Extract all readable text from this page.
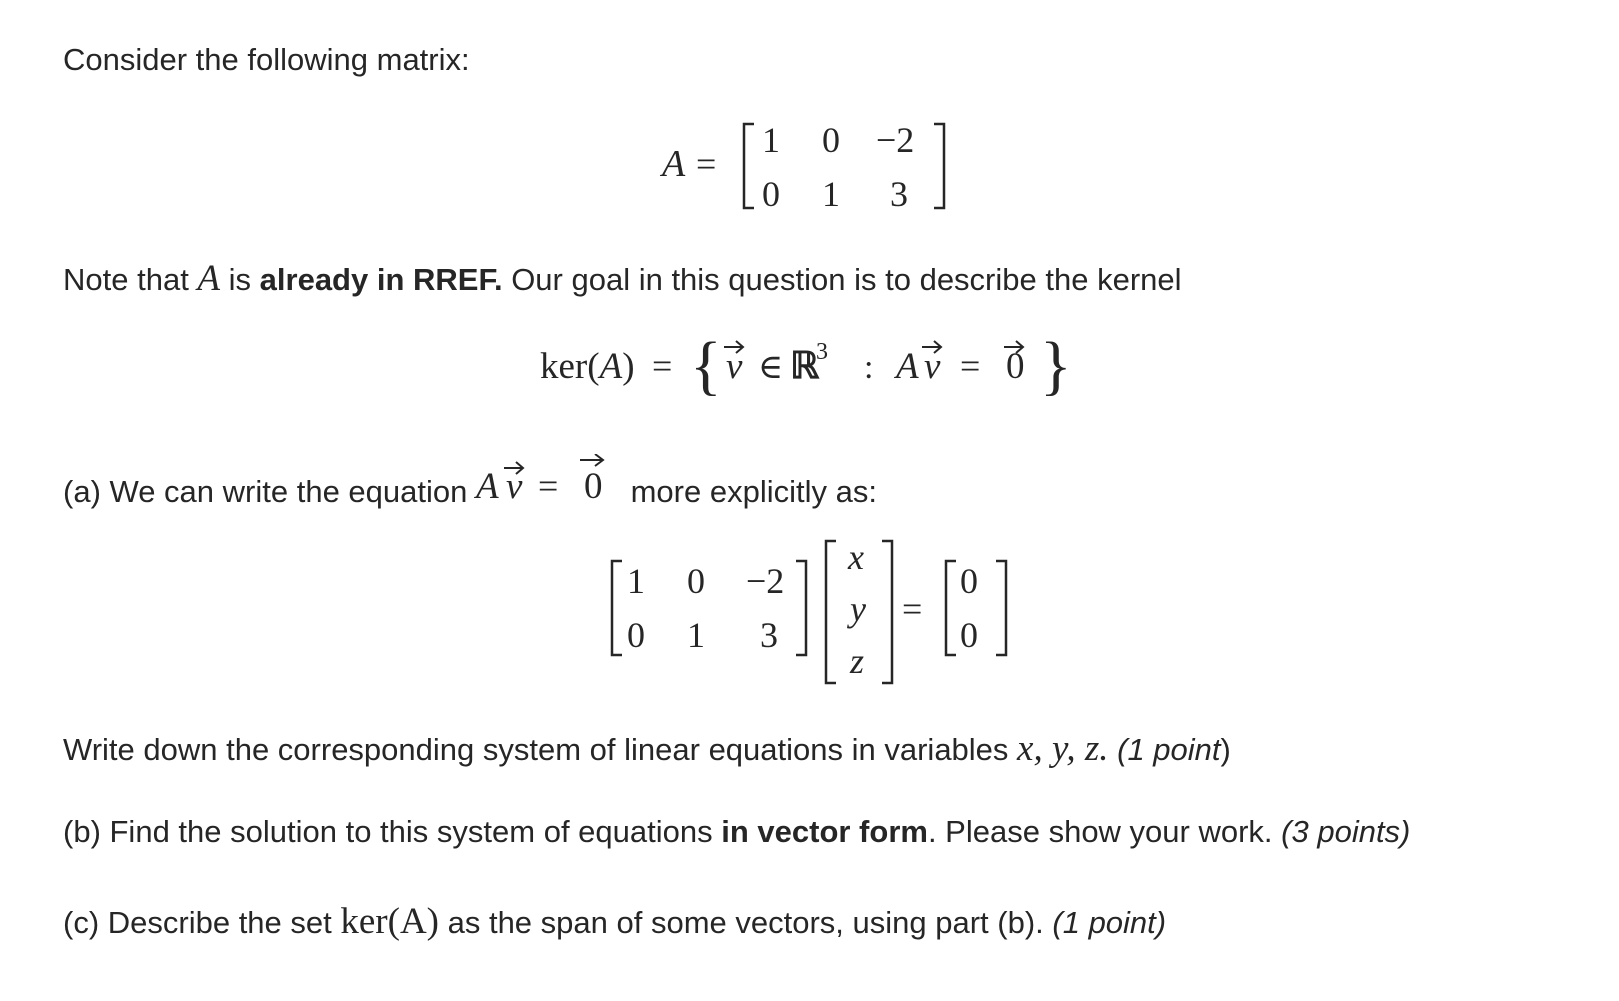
Consider the following matrix:
A =
1 0 −2
0 1 3
Note that A is already in RREF. Our goal in this question is to describe the kernel
ker(A) = { v ∈ ℝ
3 : A v = 0 }
(a) We can write the equation A v = 0 more explicitly as:
1 0 −2
0 1 3
x
y
z
=
0
0
Write down the corresponding system of linear equations in variables x, y, z. (1 point)
(b) Find the solution to this system of equations in vector form. Please show your work. (3 points)
(c) Describe the set ker(A) as the span of some vectors, using part (b). (1 point)
